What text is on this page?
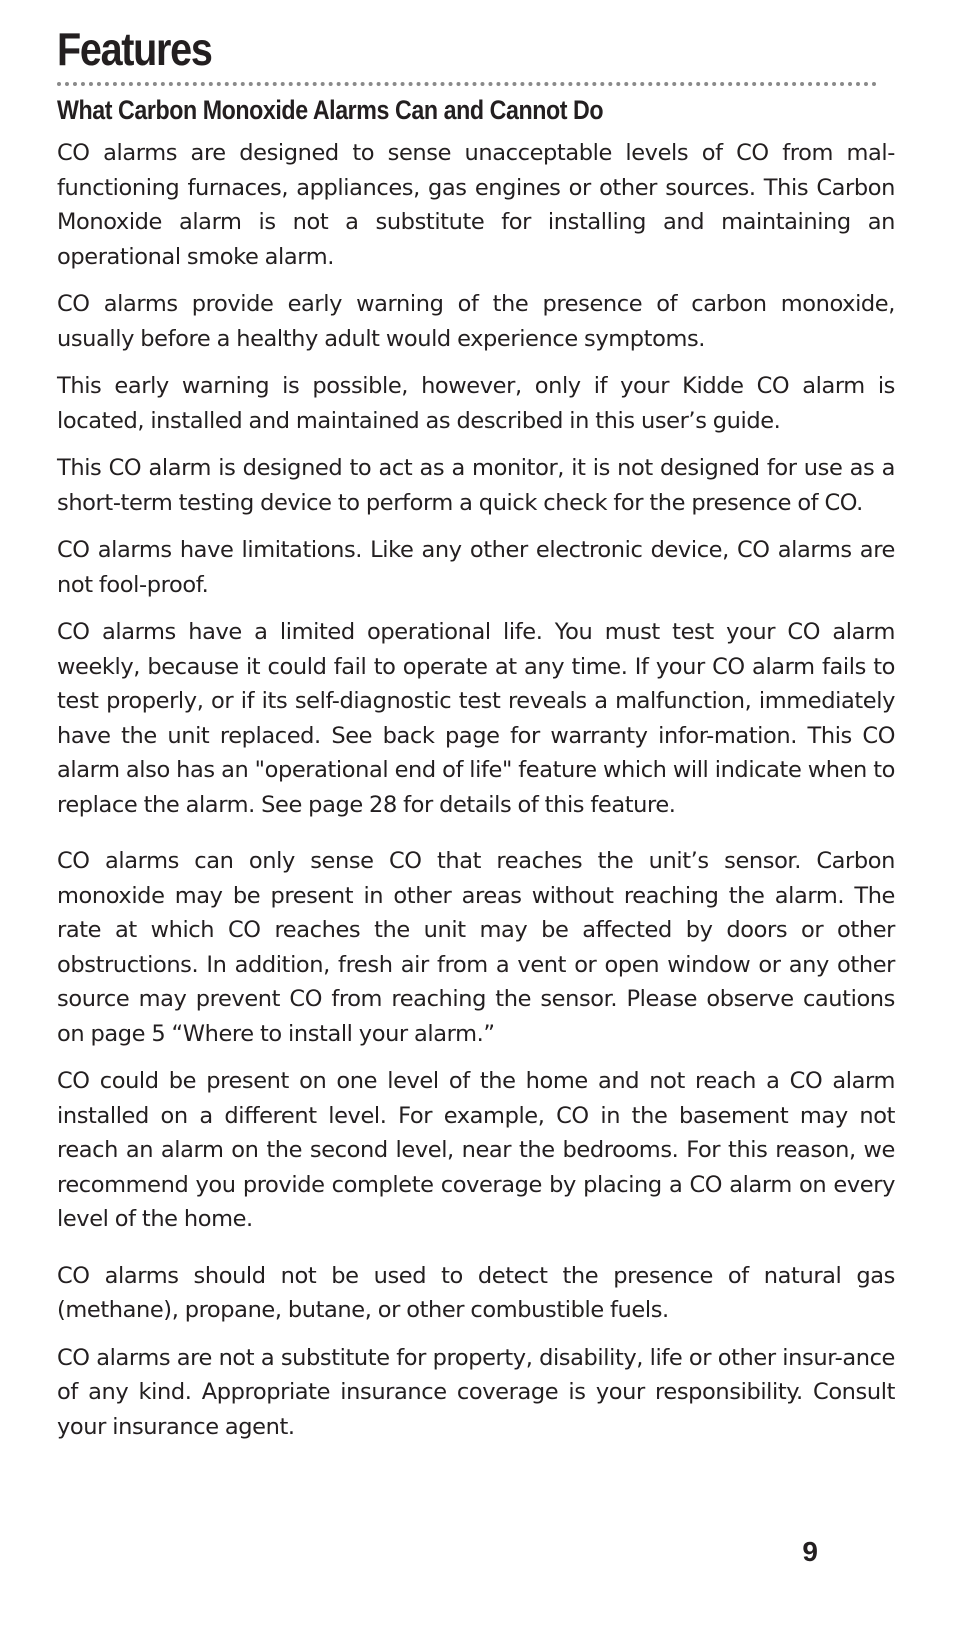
Features
What Carbon Monoxide Alarms Can and Cannot Do

CO alarms are designed to sense unacceptable levels of CO from mal-functioning furnaces, appliances, gas engines or other sources. This Carbon Monoxide alarm is not a substitute for installing and maintaining an operational smoke alarm.

CO alarms provide early warning of the presence of carbon monoxide, usually before a healthy adult would experience symptoms.

This early warning is possible, however, only if your Kidde CO alarm is located, installed and maintained as described in this user’s guide.

This CO alarm is designed to act as a monitor, it is not designed for use as a short-term testing device to perform a quick check for the presence of CO.

CO alarms have limitations. Like any other electronic device, CO alarms are not fool-proof.

CO alarms have a limited operational life. You must test your CO alarm weekly, because it could fail to operate at any time. If your CO alarm fails to test properly, or if its self-diagnostic test reveals a malfunction, immediately have the unit replaced. See back page for warranty infor-mation. This CO alarm also has an "operational end of life" feature which will indicate when to replace the alarm. See page 28 for details of this feature.

CO alarms can only sense CO that reaches the unit’s sensor. Carbon monoxide may be present in other areas without reaching the alarm. The rate at which CO reaches the unit may be affected by doors or other obstructions. In addition, fresh air from a vent or open window or any other source may prevent CO from reaching the sensor. Please observe cautions on page 5 “Where to install your alarm.”

CO could be present on one level of the home and not reach a CO alarm installed on a different level. For example, CO in the basement may not reach an alarm on the second level, near the bedrooms. For this reason, we recommend you provide complete coverage by placing a CO alarm on every level of the home.

CO alarms should not be used to detect the presence of natural gas (methane), propane, butane, or other combustible fuels.

CO alarms are not a substitute for property, disability, life or other insur-ance of any kind. Appropriate insurance coverage is your responsibility. Consult your insurance agent.

9
